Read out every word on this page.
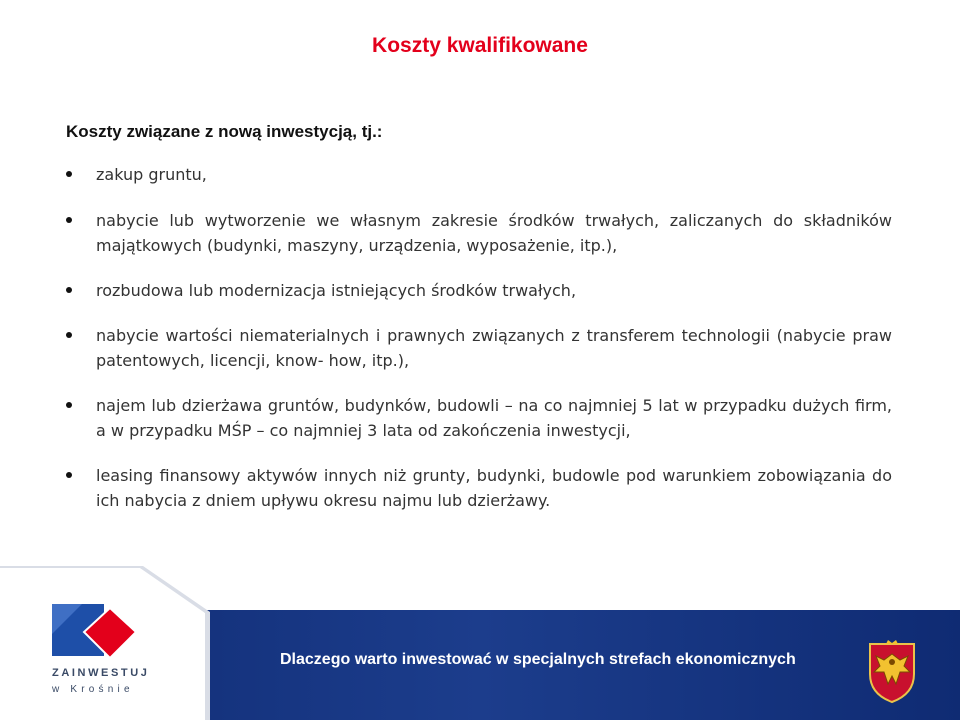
Koszty kwalifikowane
Koszty związane z nową inwestycją, tj.:
zakup gruntu,
nabycie lub wytworzenie we własnym zakresie środków trwałych, zaliczanych do składników majątkowych (budynki, maszyny, urządzenia, wyposażenie, itp.),
rozbudowa lub modernizacja istniejących środków trwałych,
nabycie wartości niematerialnych i prawnych związanych z transferem technologii (nabycie praw patentowych, licencji, know- how, itp.),
najem lub dzierżawa gruntów, budynków, budowli – na co najmniej 5 lat w przypadku dużych firm, a w przypadku MŚP – co najmniej 3 lata od zakończenia inwestycji,
leasing finansowy aktywów innych niż grunty, budynki, budowle pod warunkiem zobowiązania do ich nabycia z dniem upływu okresu najmu lub dzierżawy.
ZAINWESTUJ
w Krośnie
Dlaczego warto inwestować w specjalnych strefach ekonomicznych
